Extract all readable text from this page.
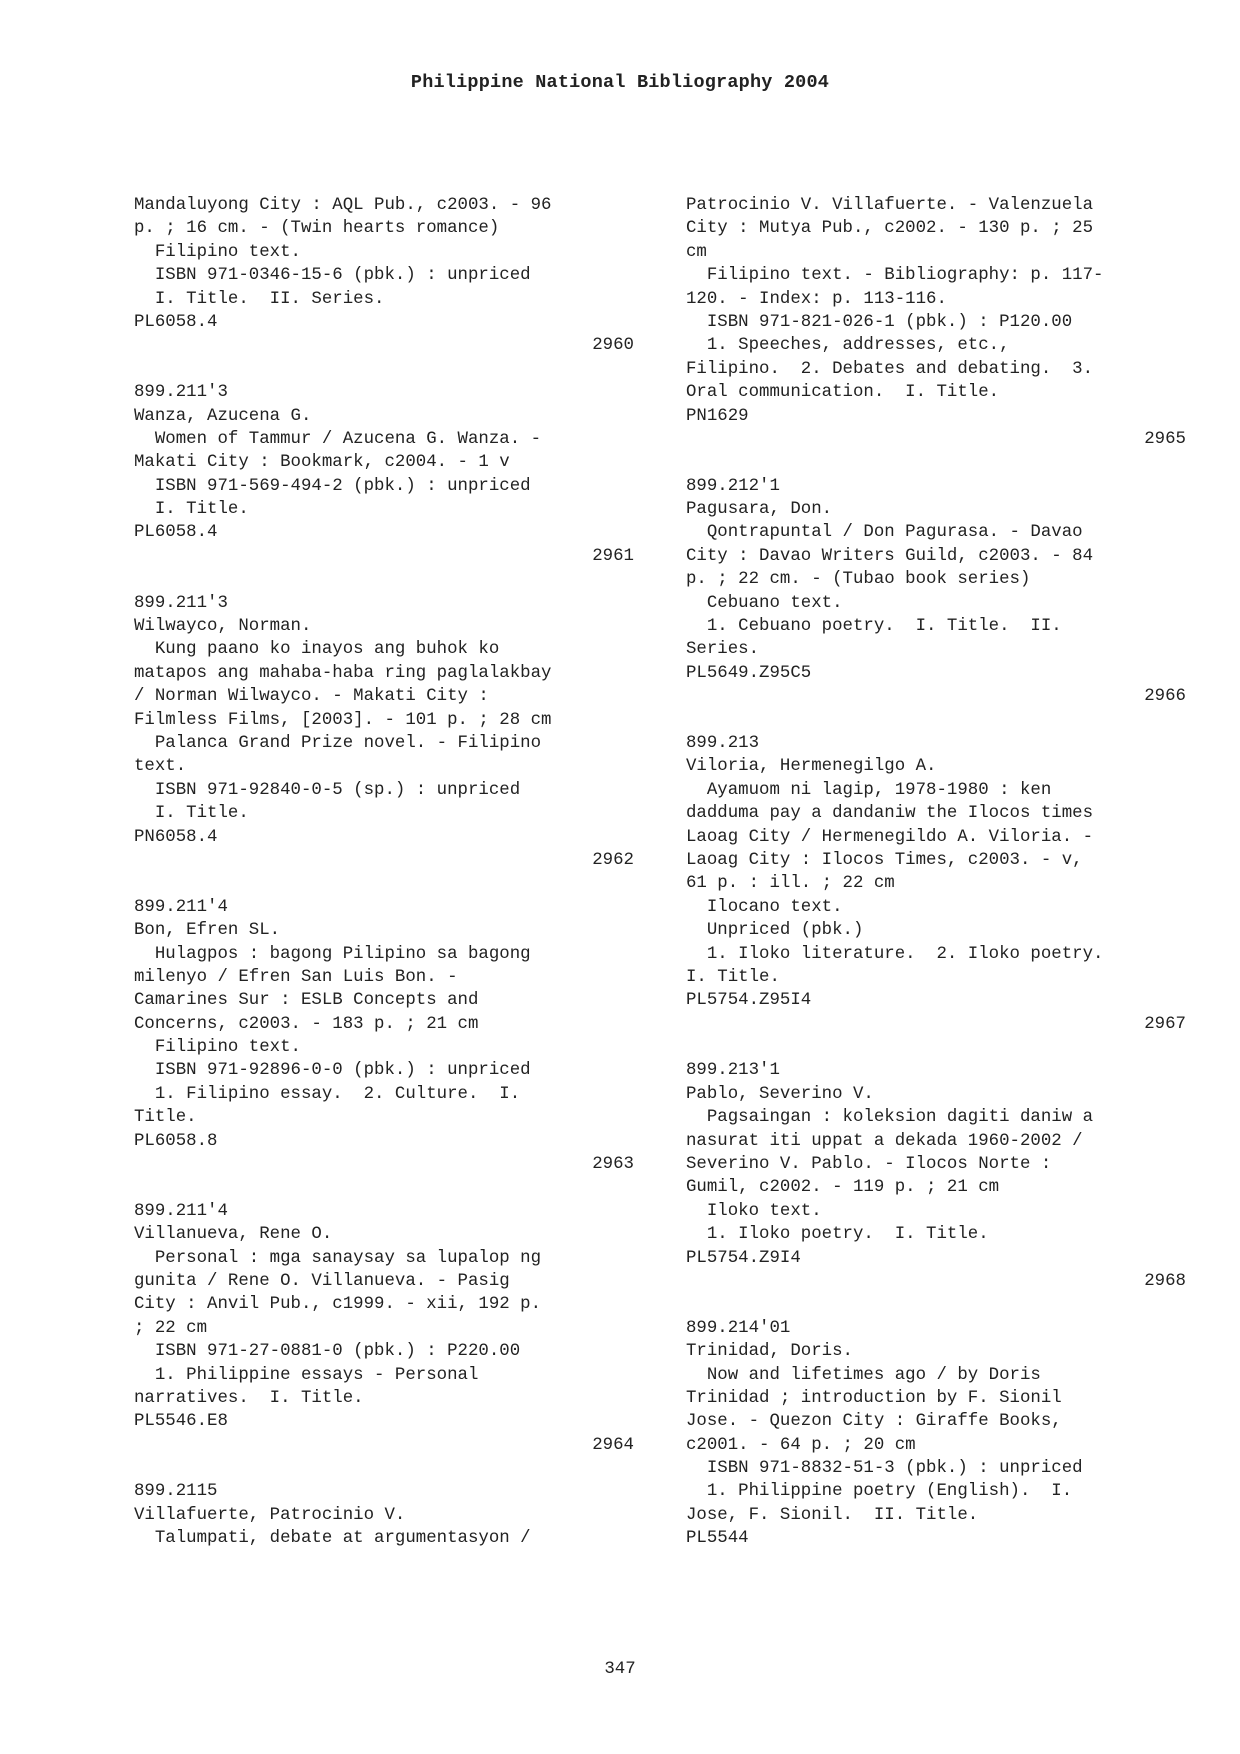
Philippine National Bibliography 2004
Mandaluyong City : AQL Pub., c2003. - 96
p. ; 16 cm. - (Twin hearts romance)
Filipino text.
ISBN 971-0346-15-6 (pbk.) : unpriced
I. Title.  II. Series.
PL6058.4
2960
899.211'3
Wanza, Azucena G.
Women of Tammur / Azucena G. Wanza. -
Makati City : Bookmark, c2004. - 1 v
ISBN 971-569-494-2 (pbk.) : unpriced
I. Title.
PL6058.4
2961
899.211'3
Wilwayco, Norman.
Kung paano ko inayos ang buhok ko
matapos ang mahaba-haba ring paglalakbay
/ Norman Wilwayco. - Makati City :
Filmless Films, [2003]. - 101 p. ; 28 cm
Palanca Grand Prize novel. - Filipino
text.
ISBN 971-92840-0-5 (sp.) : unpriced
I. Title.
PN6058.4
2962
899.211'4
Bon, Efren SL.
Hulagpos : bagong Pilipino sa bagong
milenyo / Efren San Luis Bon. -
Camarines Sur : ESLB Concepts and
Concerns, c2003. - 183 p. ; 21 cm
Filipino text.
ISBN 971-92896-0-0 (pbk.) : unpriced
1. Filipino essay.  2. Culture.  I.
Title.
PL6058.8
2963
899.211'4
Villanueva, Rene O.
Personal : mga sanaysay sa lupalop ng
gunita / Rene O. Villanueva. - Pasig
City : Anvil Pub., c1999. - xii, 192 p.
; 22 cm
ISBN 971-27-0881-0 (pbk.) : P220.00
1. Philippine essays - Personal
narratives.  I. Title.
PL5546.E8
2964
899.2115
Villafuerte, Patrocinio V.
Talumpati, debate at argumentasyon /
Patrocinio V. Villafuerte. - Valenzuela
City : Mutya Pub., c2002. - 130 p. ; 25
cm
Filipino text. - Bibliography: p. 117-
120. - Index: p. 113-116.
ISBN 971-821-026-1 (pbk.) : P120.00
1. Speeches, addresses, etc.,
Filipino.  2. Debates and debating.  3.
Oral communication.  I. Title.
PN1629
2965
899.212'1
Pagusara, Don.
Qontrapuntal / Don Pagurasa. - Davao
City : Davao Writers Guild, c2003. - 84
p. ; 22 cm. - (Tubao book series)
Cebuano text.
1. Cebuano poetry.  I. Title.  II.
Series.
PL5649.Z95C5
2966
899.213
Viloria, Hermenegilgo A.
Ayamuom ni lagip, 1978-1980 : ken
dadduma pay a dandaniw the Ilocos times
Laoag City / Hermenegildo A. Viloria. -
Laoag City : Ilocos Times, c2003. - v,
61 p. : ill. ; 22 cm
Ilocano text.
Unpriced (pbk.)
1. Iloko literature.  2. Iloko poetry.
I. Title.
PL5754.Z95I4
2967
899.213'1
Pablo, Severino V.
Pagsaingan : koleksion dagiti daniw a
nasurat iti uppat a dekada 1960-2002 /
Severino V. Pablo. - Ilocos Norte :
Gumil, c2002. - 119 p. ; 21 cm
Iloko text.
1. Iloko poetry.  I. Title.
PL5754.Z9I4
2968
899.214'01
Trinidad, Doris.
Now and lifetimes ago / by Doris
Trinidad ; introduction by F. Sionil
Jose. - Quezon City : Giraffe Books,
c2001. - 64 p. ; 20 cm
ISBN 971-8832-51-3 (pbk.) : unpriced
1. Philippine poetry (English).  I.
Jose, F. Sionil.  II. Title.
PL5544
347
